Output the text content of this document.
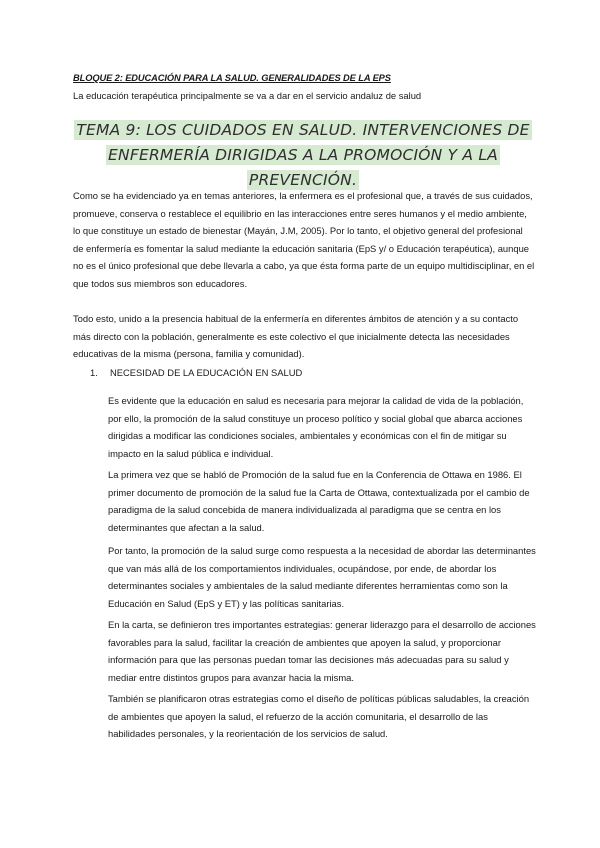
BLOQUE 2: EDUCACIÓN PARA LA SALUD. GENERALIDADES DE LA EPS
La educación terapéutica principalmente se va a dar en el servicio andaluz de salud
TEMA 9: LOS CUIDADOS EN SALUD. INTERVENCIONES DE
ENFERMERÍA DIRIGIDAS A LA PROMOCIÓN Y A LA PREVENCIÓN.

Como se ha evidenciado ya en temas anteriores, la enfermera es el profesional que, a través de sus cuidados, promueve, conserva o restablece el equilibrio en las interacciones entre seres humanos y el medio ambiente, lo que constituye un estado de bienestar (Mayán, J.M, 2005). Por lo tanto, el objetivo general del profesional de enfermería es fomentar la salud mediante la educación sanitaria (EpS y/ o Educación terapéutica), aunque no es el único profesional que debe llevarla a cabo, ya que ésta forma parte de un equipo multidisciplinar, en el que todos sus miembros son educadores.

Todo esto, unido a la presencia habitual de la enfermería en diferentes ámbitos de atención y a su contacto más directo con la población, generalmente es este colectivo el que inicialmente detecta las necesidades educativas de la misma (persona, familia y comunidad).

1. NECESIDAD DE LA EDUCACIÓN EN SALUD

Es evidente que la educación en salud es necesaria para mejorar la calidad de vida de la población, por ello, la promoción de la salud constituye un proceso político y social global que abarca acciones dirigidas a modificar las condiciones sociales, ambientales y económicas con el fin de mitigar su impacto en la salud pública e individual.

La primera vez que se habló de Promoción de la salud fue en la Conferencia de Ottawa en 1986. El primer documento de promoción de la salud fue la Carta de Ottawa, contextualizada por el cambio de paradigma de la salud concebida de manera individualizada al paradigma que se centra en los determinantes que afectan a la salud.

Por tanto, la promoción de la salud surge como respuesta a la necesidad de abordar las determinantes que van más allá de los comportamientos individuales, ocupándose, por ende, de abordar los determinantes sociales y ambientales de la salud mediante diferentes herramientas como son la Educación en Salud (EpS y ET) y las políticas sanitarias.

En la carta, se definieron tres importantes estrategias: generar liderazgo para el desarrollo de acciones favorables para la salud, facilitar la creación de ambientes que apoyen la salud, y proporcionar información para que las personas puedan tomar las decisiones más adecuadas para su salud y mediar entre distintos grupos para avanzar hacia la misma.

También se planificaron otras estrategias como el diseño de políticas públicas saludables, la creación de ambientes que apoyen la salud, el refuerzo de la acción comunitaria, el desarrollo de las habilidades personales, y la reorientación de los servicios de salud.
